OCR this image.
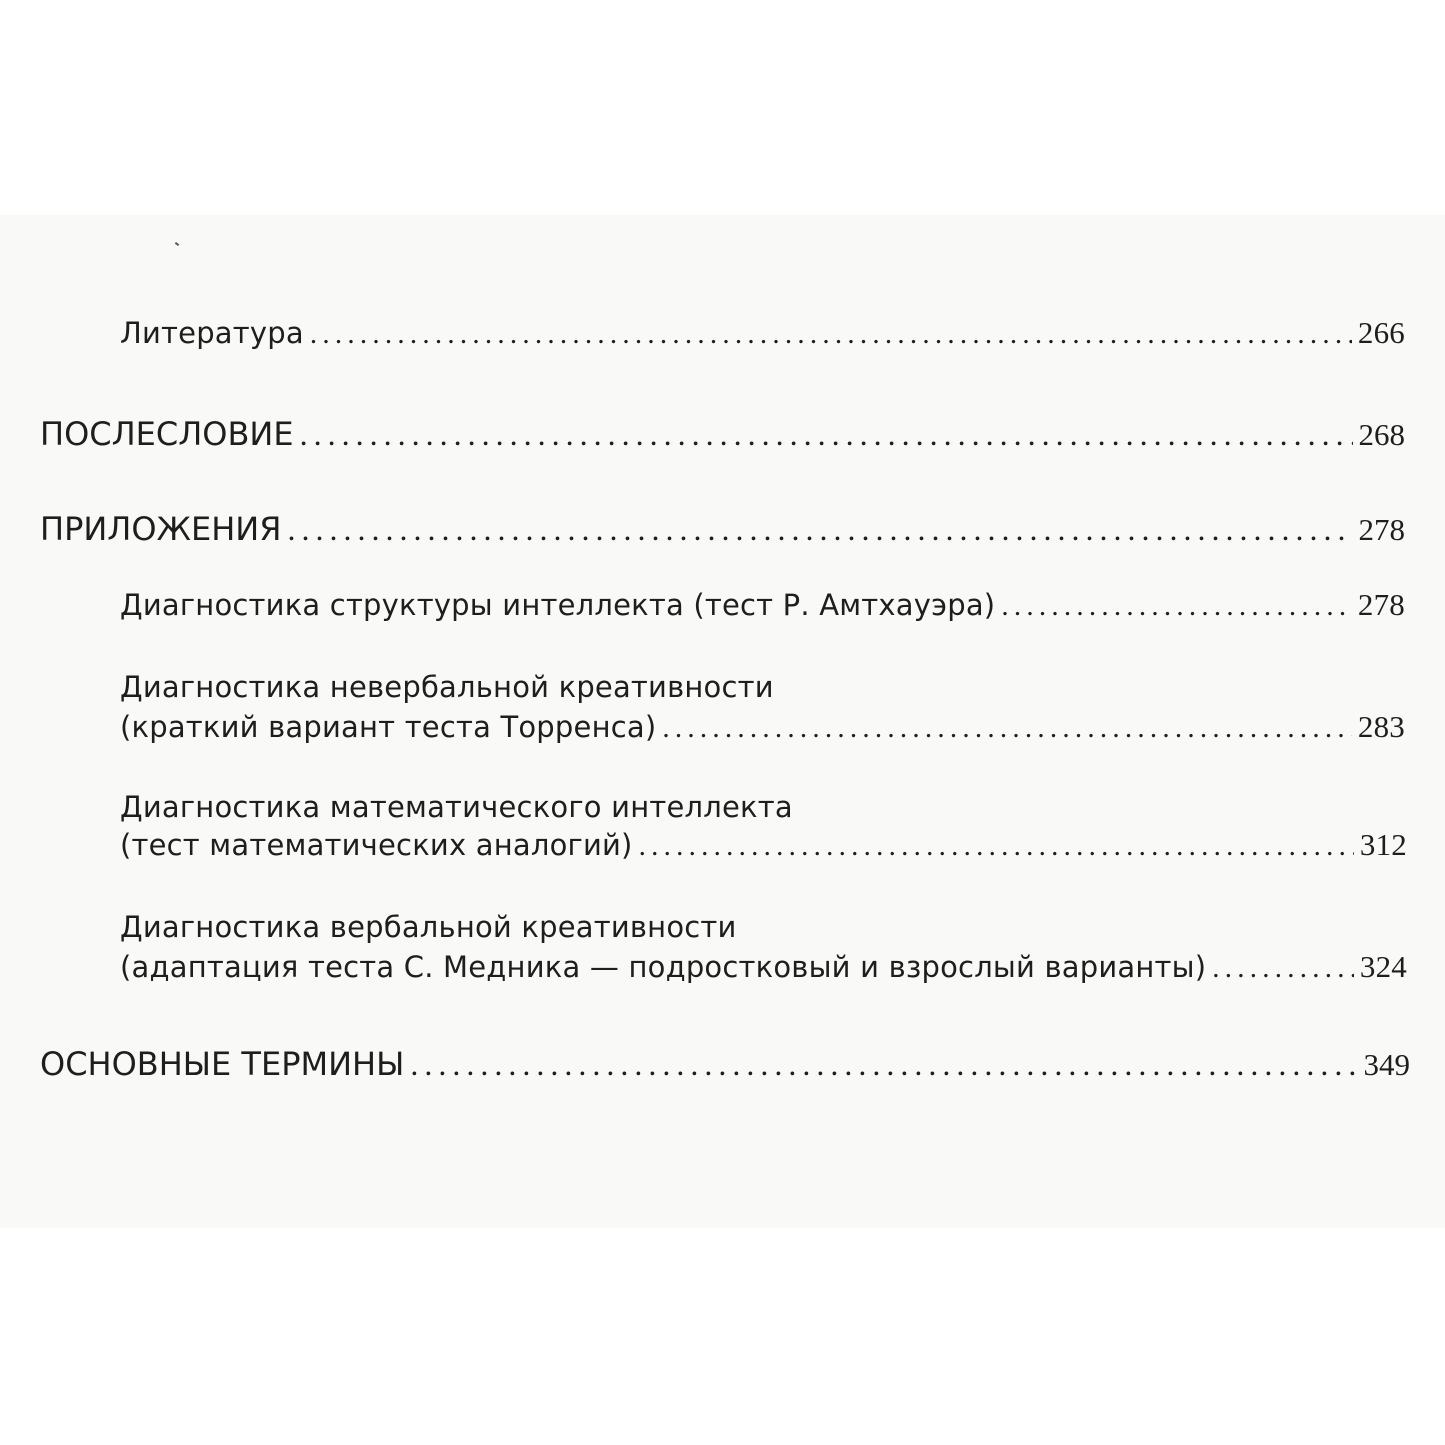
Литература . . .	266
ПОСЛЕСЛОВИЕ . . .	268
ПРИЛОЖЕНИЯ . . .	278
Диагностика структуры интеллекта (тест Р. Амтхауэра) . . .	278
Диагностика невербальной креативности
(краткий вариант теста Торренса) . . .	283
Диагностика математического интеллекта
(тест математических аналогий) . . .	312
Диагностика вербальной креативности
(адаптация теста С. Медника — подростковый и взрослый варианты) . . .	324
ОСНОВНЫЕ ТЕРМИНЫ . . .	349
